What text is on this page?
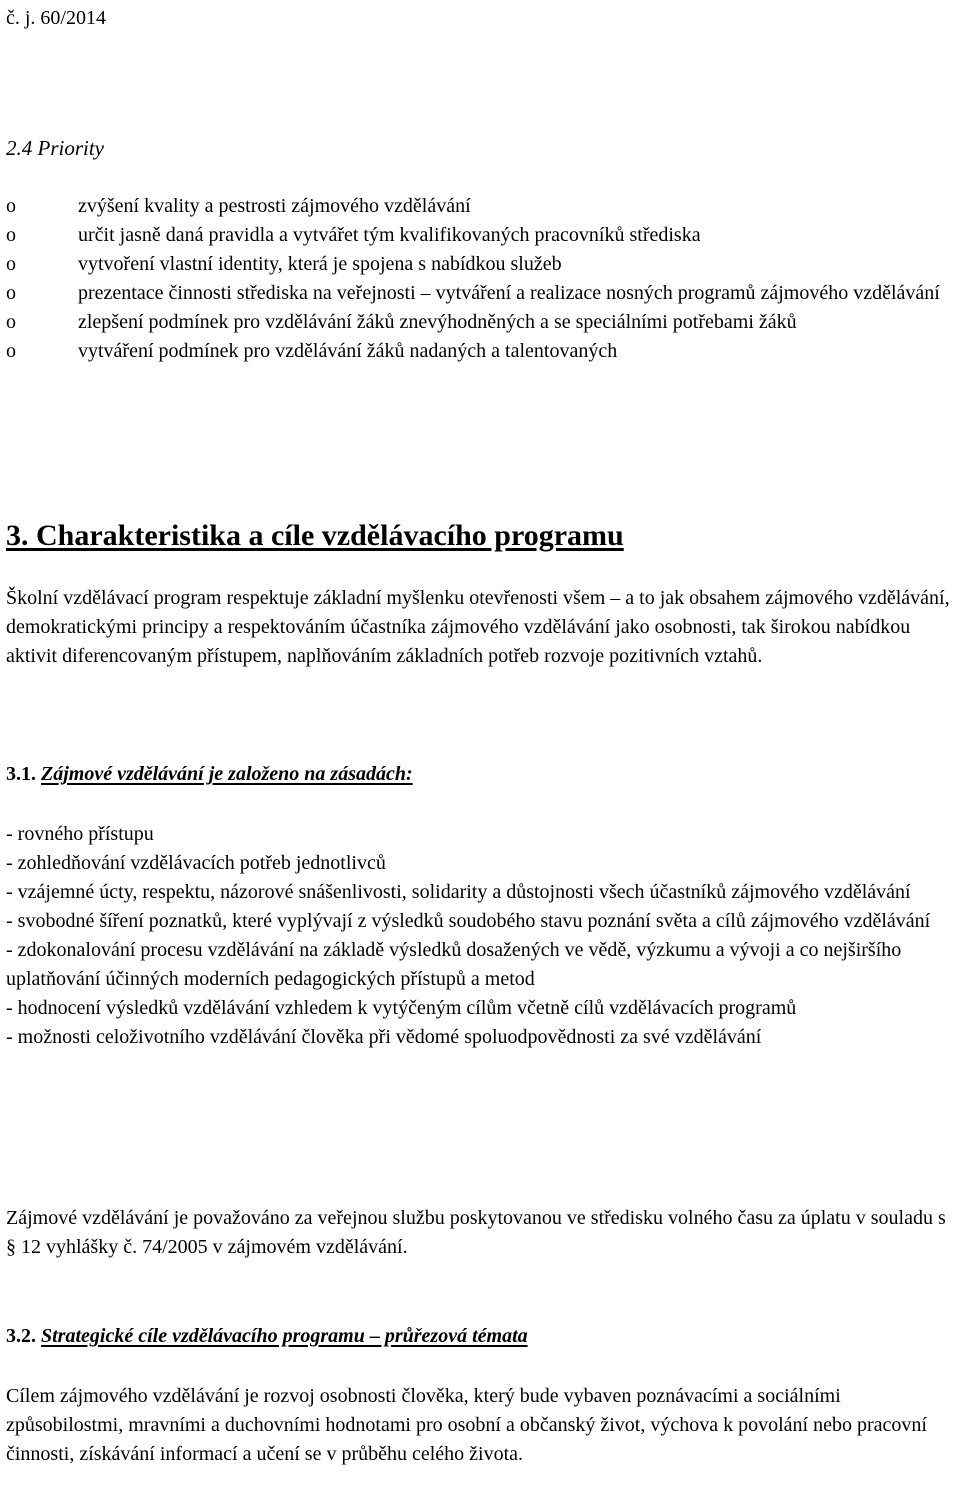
č. j. 60/2014
2.4 Priority
o	zvýšení kvality a pestrosti zájmového vzdělávání
o	určit jasně daná pravidla a vytvářet tým kvalifikovaných pracovníků střediska
o	vytvoření vlastní identity, která je spojena s nabídkou služeb
o	prezentace činnosti střediska na veřejnosti – vytváření a realizace nosných programů zájmového vzdělávání
o	zlepšení podmínek pro vzdělávání žáků znevýhodněných a se speciálními potřebami žáků
o	vytváření podmínek pro vzdělávání žáků nadaných a talentovaných
3. Charakteristika a cíle vzdělávacího programu

Školní vzdělávací program respektuje základní myšlenku otevřenosti všem – a to jak obsahem zájmového vzdělávání, demokratickými principy a respektováním účastníka zájmového vzdělávání jako osobnosti, tak širokou nabídkou aktivit diferencovaným přístupem, naplňováním základních potřeb rozvoje pozitivních vztahů.

3.1. Zájmové vzdělávání je založeno na zásadách:
- rovného přístupu
- zohledňování vzdělávacích potřeb jednotlivců
- vzájemné úcty, respektu, názorové snášenlivosti, solidarity a důstojnosti všech účastníků zájmového vzdělávání
- svobodné šíření poznatků, které vyplývají z výsledků soudobého stavu poznání světa a cílů zájmového vzdělávání
- zdokonalování procesu vzdělávání na základě výsledků dosažených ve vědě, výzkumu a vývoji a co nejširšího uplatňování účinných moderních pedagogických přístupů a metod
- hodnocení výsledků vzdělávání vzhledem k vytýčeným cílům včetně cílů vzdělávacích programů
- možnosti celoživotního vzdělávání člověka při vědomé spoluodpovědnosti za své vzdělávání

Zájmové vzdělávání je považováno za veřejnou službu poskytovanou ve středisku volného času za úplatu v souladu s § 12 vyhlášky č. 74/2005 v zájmovém vzdělávání.

3.2. Strategické cíle vzdělávacího programu – průřezová témata

Cílem zájmového vzdělávání je rozvoj osobnosti člověka, který bude vybaven poznávacími a sociálními způsobilostmi, mravními a duchovními hodnotami pro osobní a občanský život, výchova k povolání nebo pracovní činnosti, získávání informací a učení se v průběhu celého života.
